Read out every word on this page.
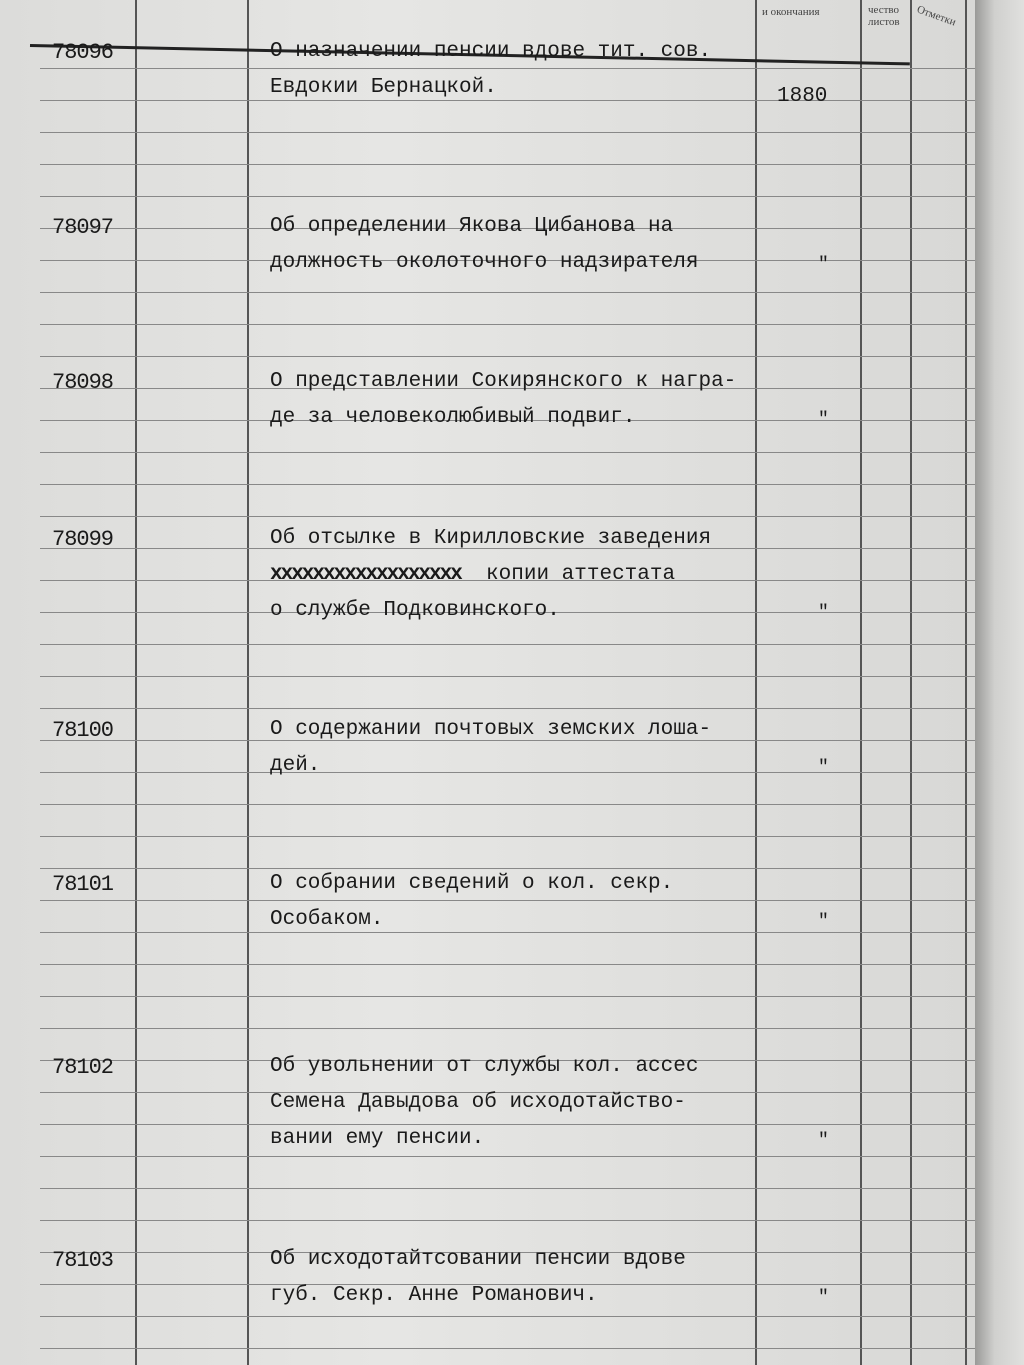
и окончания	чество листов	Отметки
78096	О назначении пенсии вдове тит. сов.
Евдокии Бернацкой.	1880
78097	Об определении Якова Цибанова на
должность околоточного надзирателя	"
78098	О представлении Сокирянского к награ-
де за человеколюбивый подвиг.	"
78099	Об отсылке в Кирилловские заведения
xxxxxxxxxxxxxxxxxx  копии аттестата
о службе Подковинского.	"
78100	О содержании почтовых земских лоша-
дей.	"
78101	О собрании сведений о кол. секр.
Особаком.	"
78102	Об увольнении от службы кол. ассес
Семена Давыдова об исходотайство-
вании ему пенсии.	"
78103	Об исходотайтсовании пенсии вдове
губ. Секр. Анне Романович.	"
